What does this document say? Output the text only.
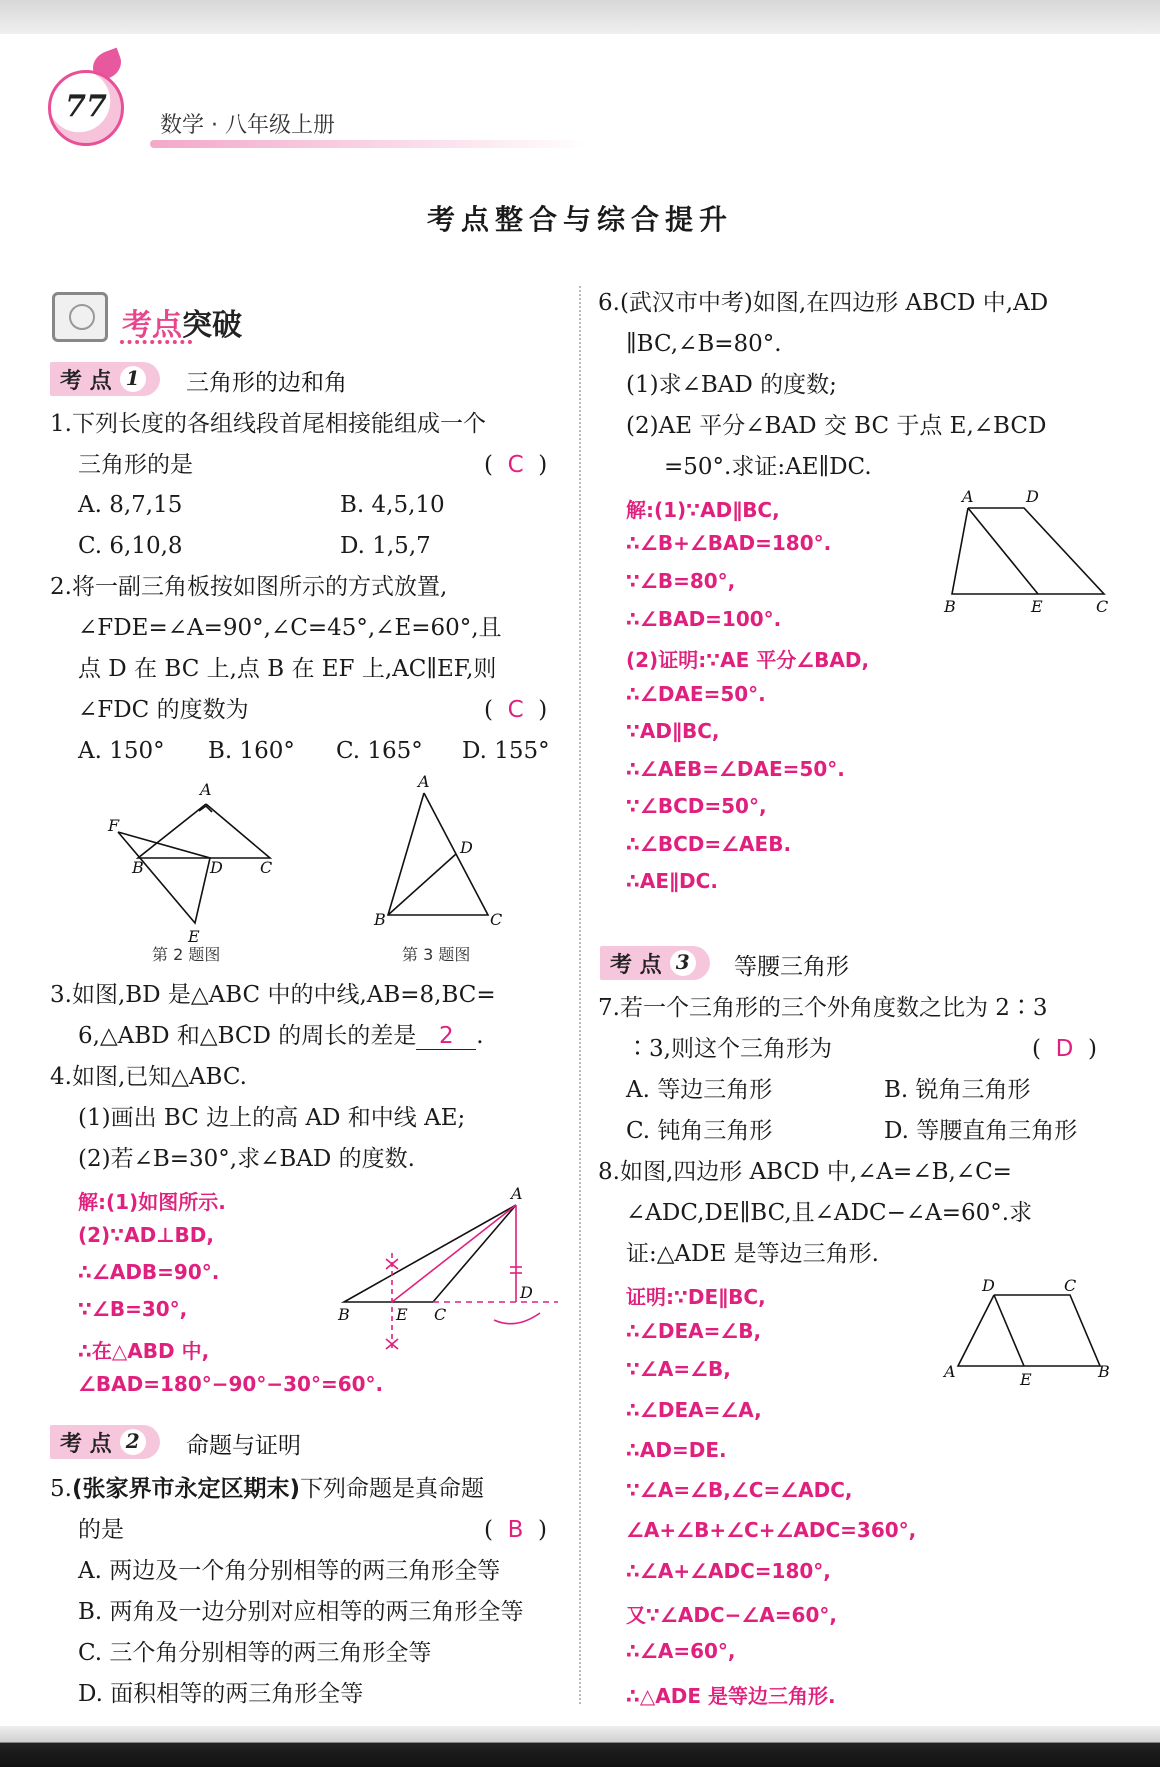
77
数学 · 八年级上册
考点整合与综合提升
考点突破
考 点 1 三角形的边和角
1.下列长度的各组线段首尾相接能组成一个
三角形的是	(  C  )
A. 8,7,15	B. 4,5,10
C. 6,10,8	D. 1,5,7
2.将一副三角板按如图所示的方式放置,
∠FDE=∠A=90°,∠C=45°,∠E=60°,且
点 D 在 BC 上,点 B 在 EF 上,AC∥EF,则
∠FDC 的度数为	(  C  )
A. 150° B. 160° C. 165° D. 155°
A
F
B	D C
E
第 2 题图
A
D
B	C
第 3 题图
3.如图,BD 是△ABC 中的中线,AB=8,BC=
6,△ABD 和△BCD 的周长的差是 2 .
4.如图,已知△ABC.
(1)画出 BC 边上的高 AD 和中线 AE;
(2)若∠B=30°,求∠BAD 的度数.
解:(1)如图所示.
(2)∵AD⊥BD,
∴∠ADB=90°.
∵∠B=30°,
∴在△ABD 中,
∠BAD=180°−90°−30°=60°.
A
B	E C
D
考 点 2 命题与证明
5.(张家界市永定区期末)下列命题是真命题
的是	(  B  )
A. 两边及一个角分别相等的两三角形全等
B. 两角及一边分别对应相等的两三角形全等
C. 三个角分别相等的两三角形全等
D. 面积相等的两三角形全等
6.(武汉市中考)如图,在四边形 ABCD 中,AD
∥BC,∠B=80°.
(1)求∠BAD 的度数;
(2)AE 平分∠BAD 交 BC 于点 E,∠BCD
=50°.求证:AE∥DC.
解:(1)∵AD∥BC,
∴∠B+∠BAD=180°.
∵∠B=80°,
∴∠BAD=100°.
(2)证明:∵AE 平分∠BAD,
∴∠DAE=50°.
∵AD∥BC,
∴∠AEB=∠DAE=50°.
∵∠BCD=50°,
∴∠BCD=∠AEB.
∴AE∥DC.
A	D
B	E	C
考 点 3 等腰三角形
7.若一个三角形的三个外角度数之比为 2∶3
∶3,则这个三角形为	(  D  )
A. 等边三角形	B. 锐角三角形
C. 钝角三角形	D. 等腰直角三角形
8.如图,四边形 ABCD 中,∠A=∠B,∠C=
∠ADC,DE∥BC,且∠ADC−∠A=60°.求
证:△ADE 是等边三角形.
证明:∵DE∥BC,
∴∠DEA=∠B,
∵∠A=∠B,
∴∠DEA=∠A,
∴AD=DE.
∵∠A=∠B,∠C=∠ADC,
∠A+∠B+∠C+∠ADC=360°,
∴∠A+∠ADC=180°,
又∵∠ADC−∠A=60°,
∴∠A=60°,
∴△ADE 是等边三角形.
D	C
A	E	B
